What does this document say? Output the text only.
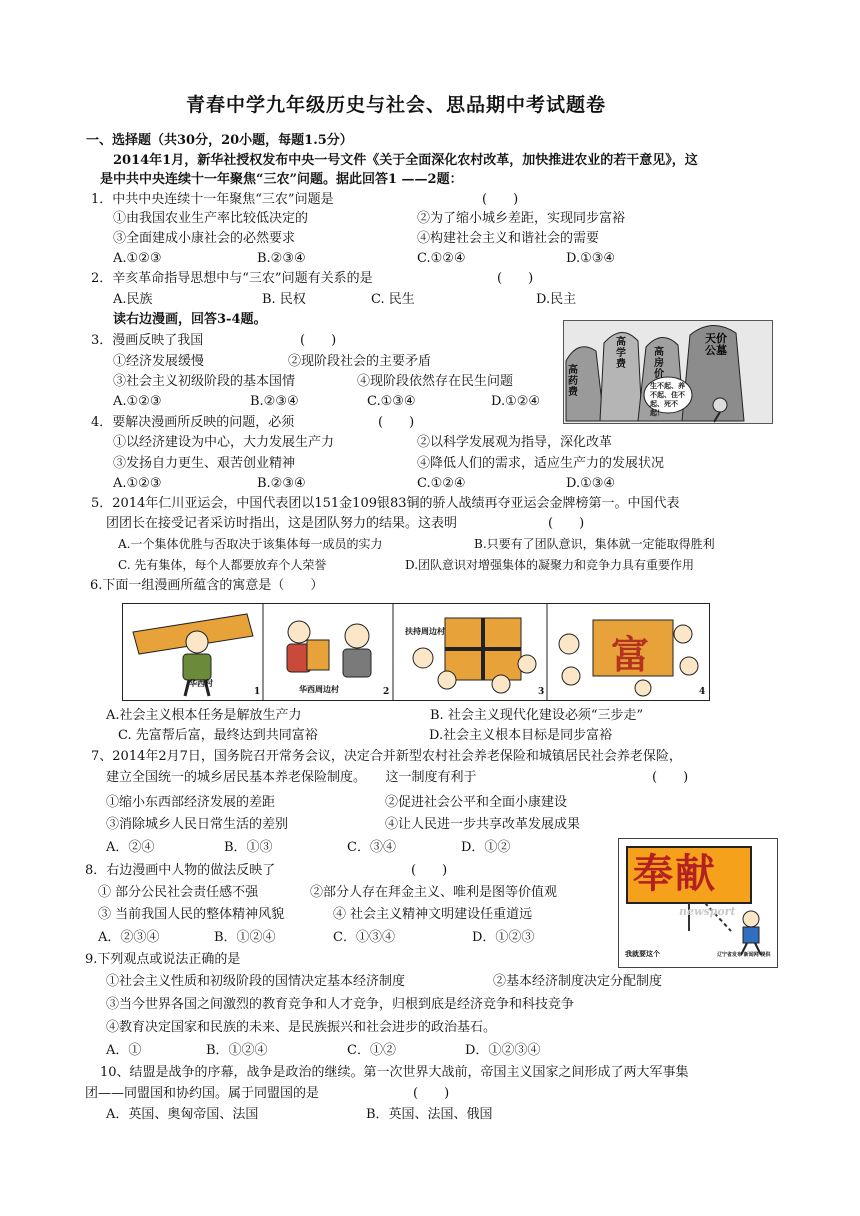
青春中学九年级历史与社会、思品期中考试题卷
一、选择题（共30分，20小题，每题1.5分）
2014年1月，新华社授权发布中央一号文件《关于全面深化农村改革，加快推进农业的若干意见》，这
是中共中央连续十一年聚焦“三农”问题。据此回答1 ——2题：
1．中共中央连续十一年聚焦“三农”问题是	(　　)
①由我国农业生产率比较低决定的	②为了缩小城乡差距，实现同步富裕
③全面建成小康社会的必然要求	④构建社会主义和谐社会的需要
A.①②③	B.②③④	C.①②④	D.①③④
2．辛亥革命指导思想中与“三农”问题有关系的是	(　　)
A.民族	B. 民权	C. 民生	D.民主
读右边漫画，回答3-4题。
高药费
高学费
高房价
天价公墓
生不起、养不起、住不起、死不起！
3．漫画反映了我国	(　　)
①经济发展缓慢	②现阶段社会的主要矛盾
③社会主义初级阶段的基本国情	④现阶段依然存在民生问题
A.①②③	B.②③④	C.①③④	D.①②④
4．要解决漫画所反映的问题，必须	(　　)
①以经济建设为中心，大力发展生产力	②以科学发展观为指导，深化改革
③发扬自力更生、艰苦创业精神	④降低人们的需求，适应生产力的发展状况
A.①②③	B.②③④	C.①②④	D.①③④
5．2014年仁川亚运会，中国代表团以151金109银83铜的骄人战绩再夺亚运会金牌榜第一。中国代表
团团长在接受记者采访时指出，这是团队努力的结果。这表明	(　　)
A.一个集体优胜与否取决于该集体每一成员的实力	B.只要有了团队意识，集体就一定能取得胜利
C. 先有集体，每个人都要放弃个人荣誉	D.团队意识对增强集体的凝聚力和竞争力具有重要作用
6.下面一组漫画所蕴含的寓意是（　　）
华西村
华西周边村
扶持周边村
富
1	2	3	4
A.社会主义根本任务是解放生产力	B. 社会主义现代化建设必须“三步走”
C. 先富帮后富，最终达到共同富裕	D.社会主义根本目标是同步富裕
7、2014年2月7日，国务院召开常务会议，决定合并新型农村社会养老保险和城镇居民社会养老保险，
建立全国统一的城乡居民基本养老保险制度。　　这一制度有利于	(　　)
①缩小东西部经济发展的差距	②促进社会公平和全面小康建设
③消除城乡人民日常生活的差别	④让人民进一步共享改革发展成果
A．②④	B．①③	C．③④	D．①②
奉献
newsport
我就要这个	辽宁省发布 新闻网 提供
8．右边漫画中人物的做法反映了	(　　)
① 部分公民社会责任感不强	②部分人存在拜金主义、唯利是图等价值观
③ 当前我国人民的整体精神风貌	④ 社会主义精神文明建设任重道远
A．②③④	B．①②④	C．①③④	D．①②③
9.下列观点或说法正确的是
①社会主义性质和初级阶段的国情决定基本经济制度	②基本经济制度决定分配制度
③当今世界各国之间激烈的教育竞争和人才竞争，归根到底是经济竞争和科技竞争
④教育决定国家和民族的未来、是民族振兴和社会进步的政治基石。
A．①	B．①②④	C．①②	D．①②③④
10、结盟是战争的序幕，战争是政治的继续。第一次世界大战前，帝国主义国家之间形成了两大军事集
团——同盟国和协约国。属于同盟国的是	(　　)
A．英国、奥匈帝国、法国	B．英国、法国、俄国
